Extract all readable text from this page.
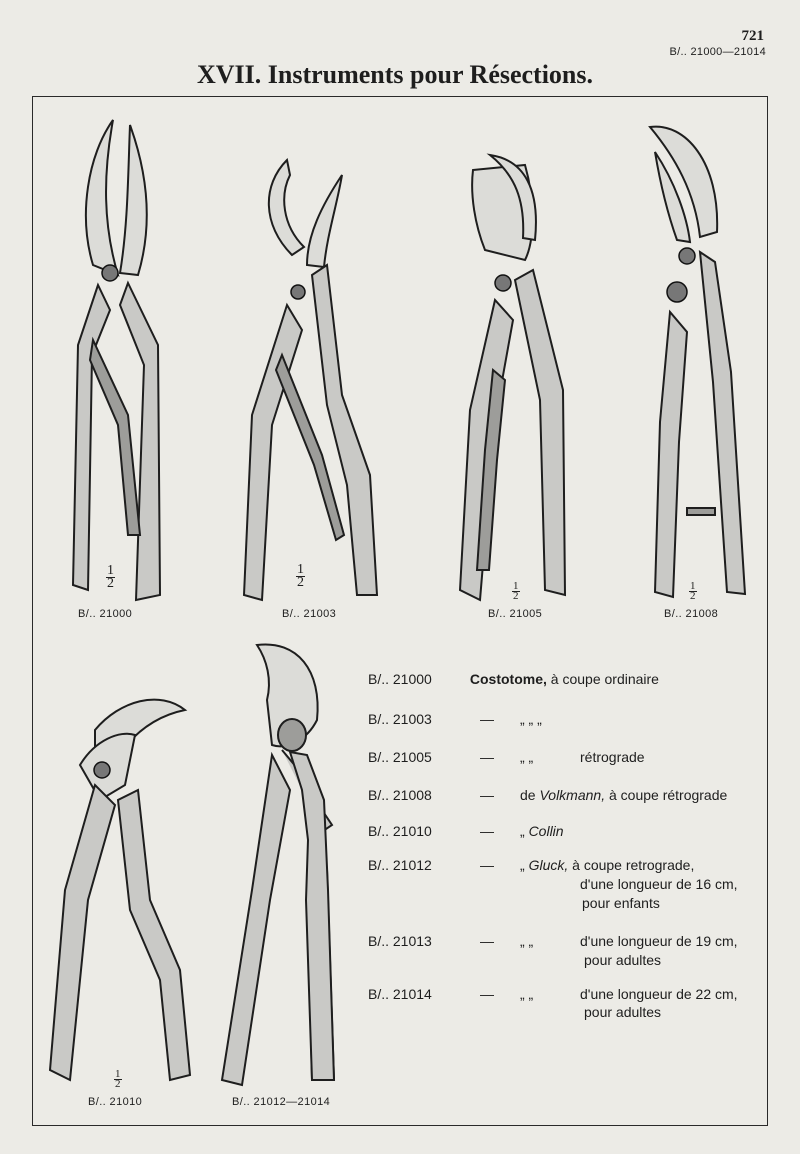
721
B/.. 21000—21014
XVII. Instruments pour Résections.
$\frac{1}{2}$
B/.. 21000
$\frac{1}{2}$
B/.. 21003
$\frac{1}{2}$
B/.. 21005
$\frac{1}{2}$
B/.. 21008
$\frac{1}{2}$
B/.. 21010	B/.. 21012—21014
B/.. 21000	Costotome, à coupe ordinaire
B/.. 21003	— „ „ „
B/.. 21005	— „ „	rétrograde
B/.. 21008	— de Volkmann, à coupe rétrograde
B/.. 21010	— „ Collin
B/.. 21012	— „ Gluck, à coupe retrograde,
d'une longueur de 16 cm,
pour enfants
B/.. 21013	— „ „	d'une longueur de 19 cm,
pour adultes
B/.. 21014	— „ „	d'une longueur de 22 cm,
pour adultes
